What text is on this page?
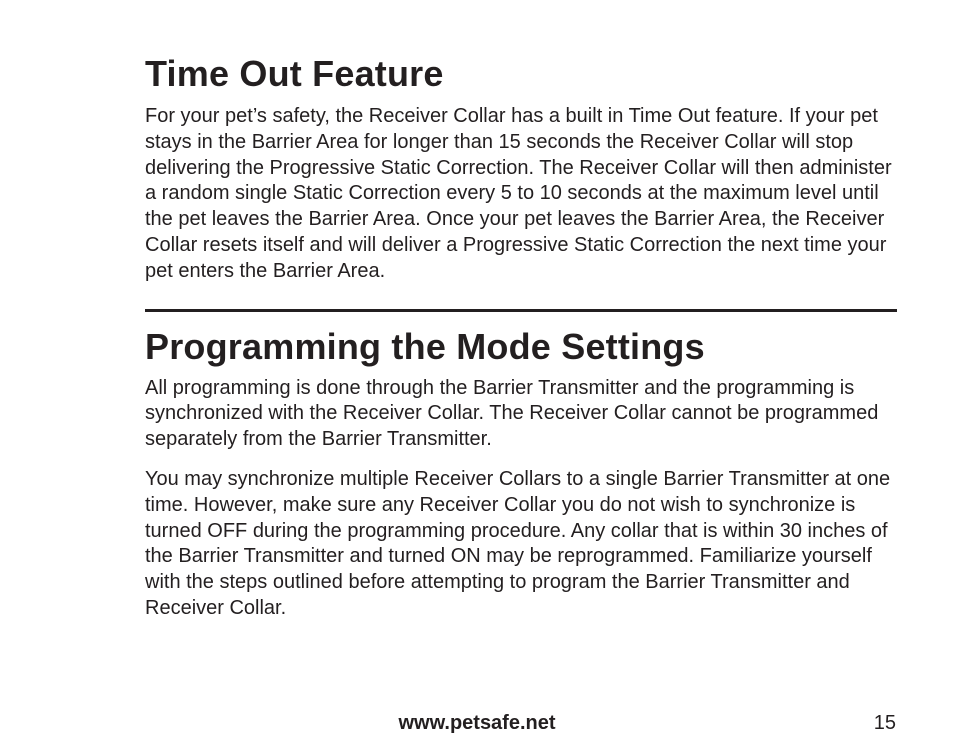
Time Out Feature

For your pet’s safety, the Receiver Collar has a built in Time Out feature. If your pet stays in the Barrier Area for longer than 15 seconds the Receiver Collar will stop delivering the Progressive Static Correction. The Receiver Collar will then administer a random single Static Correction every 5 to 10 seconds at the maximum level until the pet leaves the Barrier Area. Once your pet leaves the Barrier Area, the Receiver Collar resets itself and will deliver a Progressive Static Correction the next time your pet enters the Barrier Area.

Programming the Mode Settings

All programming is done through the Barrier Transmitter and the programming is synchronized with the Receiver Collar. The Receiver Collar cannot be programmed separately from the Barrier Transmitter.

You may synchronize multiple Receiver Collars to a single Barrier Transmitter at one time. However, make sure any Receiver Collar you do not wish to synchronize is turned OFF during the programming procedure. Any collar that is within 30 inches of the Barrier Transmitter and turned ON may be reprogrammed. Familiarize yourself with the steps outlined before attempting to program the Barrier Transmitter and Receiver Collar.

www.petsafe.net	15
